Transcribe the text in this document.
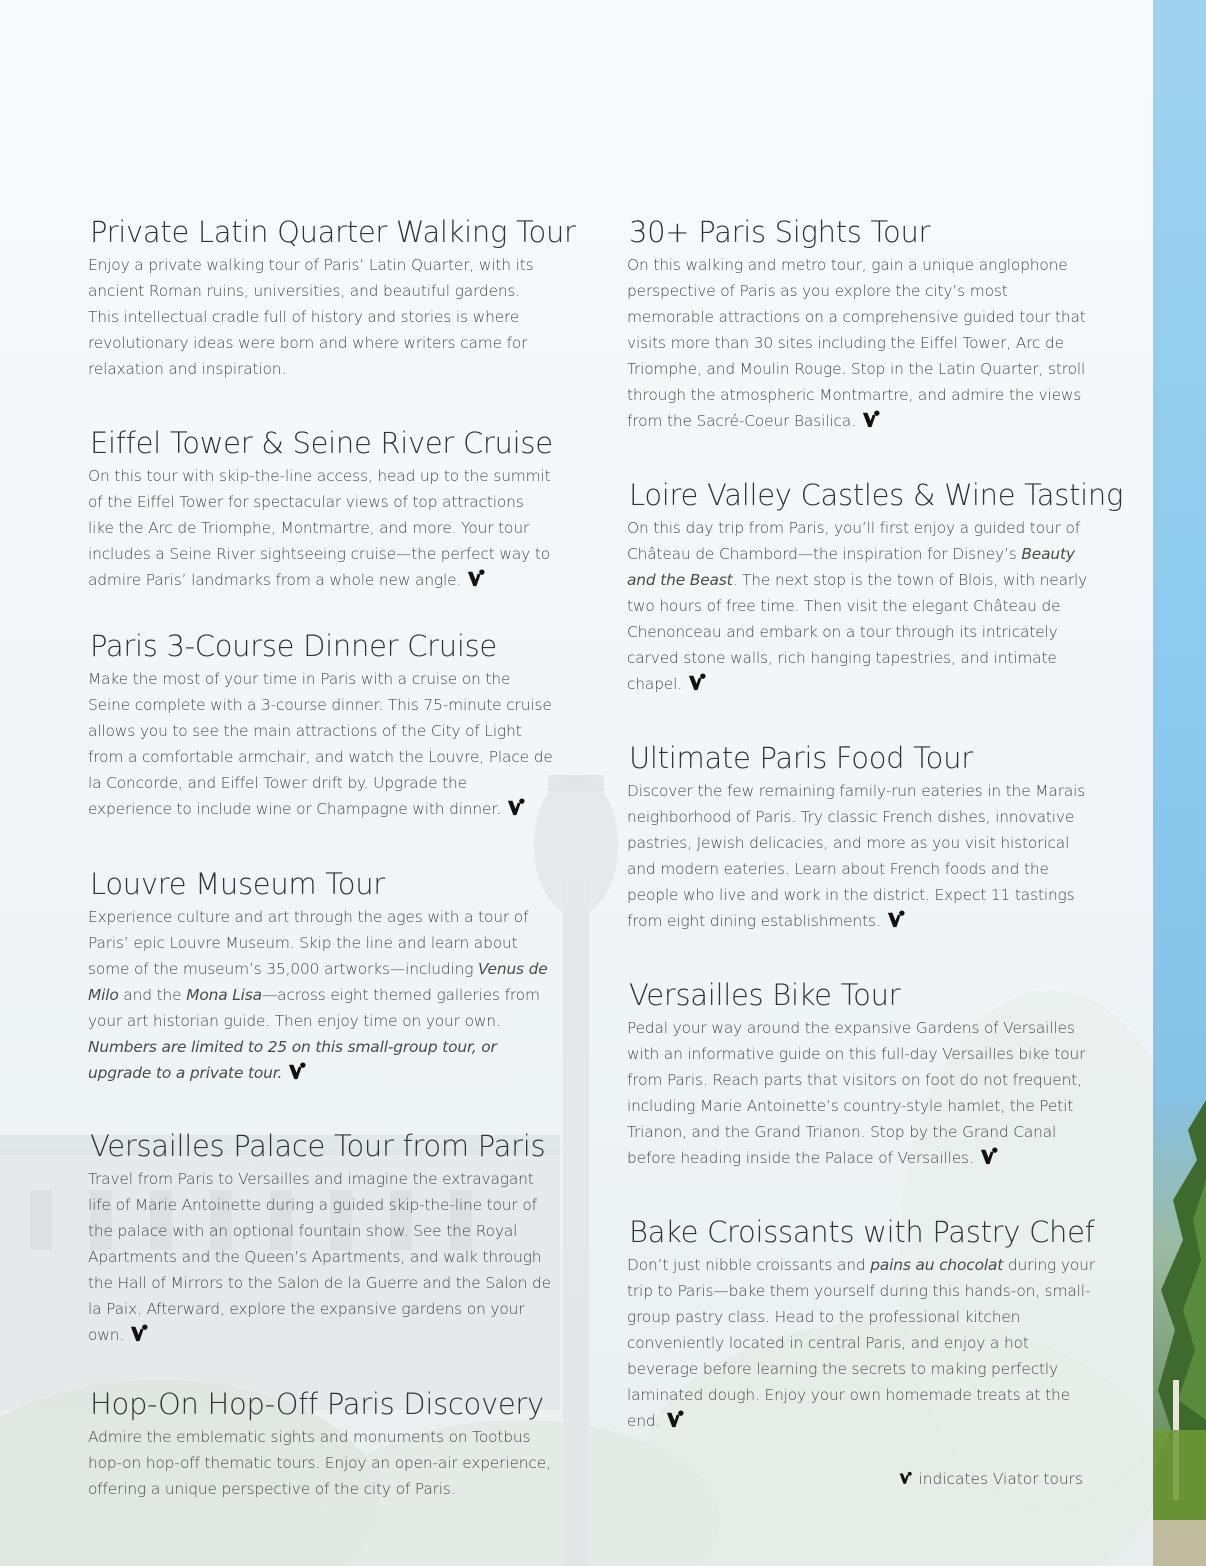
Private Latin Quarter Walking Tour

Enjoy a private walking tour of Paris’ Latin Quarter, with its ancient Roman ruins, universities, and beautiful gardens. This intellectual cradle full of history and stories is where revolutionary ideas were born and where writers came for relaxation and inspiration.

Eiffel Tower & Seine River Cruise

On this tour with skip-the-line access, head up to the summit of the Eiffel Tower for spectacular views of top attractions like the Arc de Triomphe, Montmartre, and more. Your tour includes a Seine River sightseeing cruise—the perfect way to admire Paris’ landmarks from a whole new angle.

Paris 3-Course Dinner Cruise

Make the most of your time in Paris with a cruise on the Seine complete with a 3-course dinner. This 75-minute cruise allows you to see the main attractions of the City of Light from a comfortable armchair, and watch the Louvre, Place de la Concorde, and Eiffel Tower drift by. Upgrade the experience to include wine or Champagne with dinner.

Louvre Museum Tour

Experience culture and art through the ages with a tour of Paris’ epic Louvre Museum. Skip the line and learn about some of the museum’s 35,000 artworks—including Venus de Milo and the Mona Lisa—across eight themed galleries from your art historian guide. Then enjoy time on your own. Numbers are limited to 25 on this small-group tour, or upgrade to a private tour.

Versailles Palace Tour from Paris

Travel from Paris to Versailles and imagine the extravagant life of Marie Antoinette during a guided skip-the-line tour of the palace with an optional fountain show. See the Royal Apartments and the Queen’s Apartments, and walk through the Hall of Mirrors to the Salon de la Guerre and the Salon de la Paix. Afterward, explore the expansive gardens on your own.

Hop-On Hop-Off Paris Discovery

Admire the emblematic sights and monuments on Tootbus hop-on hop-off thematic tours. Enjoy an open-air experience, offering a unique perspective of the city of Paris.

30+ Paris Sights Tour

On this walking and metro tour, gain a unique anglophone perspective of Paris as you explore the city’s most memorable attractions on a comprehensive guided tour that visits more than 30 sites including the Eiffel Tower, Arc de Triomphe, and Moulin Rouge. Stop in the Latin Quarter, stroll through the atmospheric Montmartre, and admire the views from the Sacré-Coeur Basilica.

Loire Valley Castles & Wine Tasting

On this day trip from Paris, you’ll first enjoy a guided tour of Château de Chambord—the inspiration for Disney’s Beauty and the Beast. The next stop is the town of Blois, with nearly two hours of free time. Then visit the elegant Château de Chenonceau and embark on a tour through its intricately carved stone walls, rich hanging tapestries, and intimate chapel.

Ultimate Paris Food Tour

Discover the few remaining family-run eateries in the Marais neighborhood of Paris. Try classic French dishes, innovative pastries, Jewish delicacies, and more as you visit historical and modern eateries. Learn about French foods and the people who live and work in the district. Expect 11 tastings from eight dining establishments.

Versailles Bike Tour

Pedal your way around the expansive Gardens of Versailles with an informative guide on this full-day Versailles bike tour from Paris. Reach parts that visitors on foot do not frequent, including Marie Antoinette’s country-style hamlet, the Petit Trianon, and the Grand Trianon. Stop by the Grand Canal before heading inside the Palace of Versailles.

Bake Croissants with Pastry Chef

Don’t just nibble croissants and pains au chocolat during your trip to Paris—bake them yourself during this hands-on, small-group pastry class. Head to the professional kitchen conveniently located in central Paris, and enjoy a hot beverage before learning the secrets to making perfectly laminated dough. Enjoy your own homemade treats at the end.

indicates Viator tours
